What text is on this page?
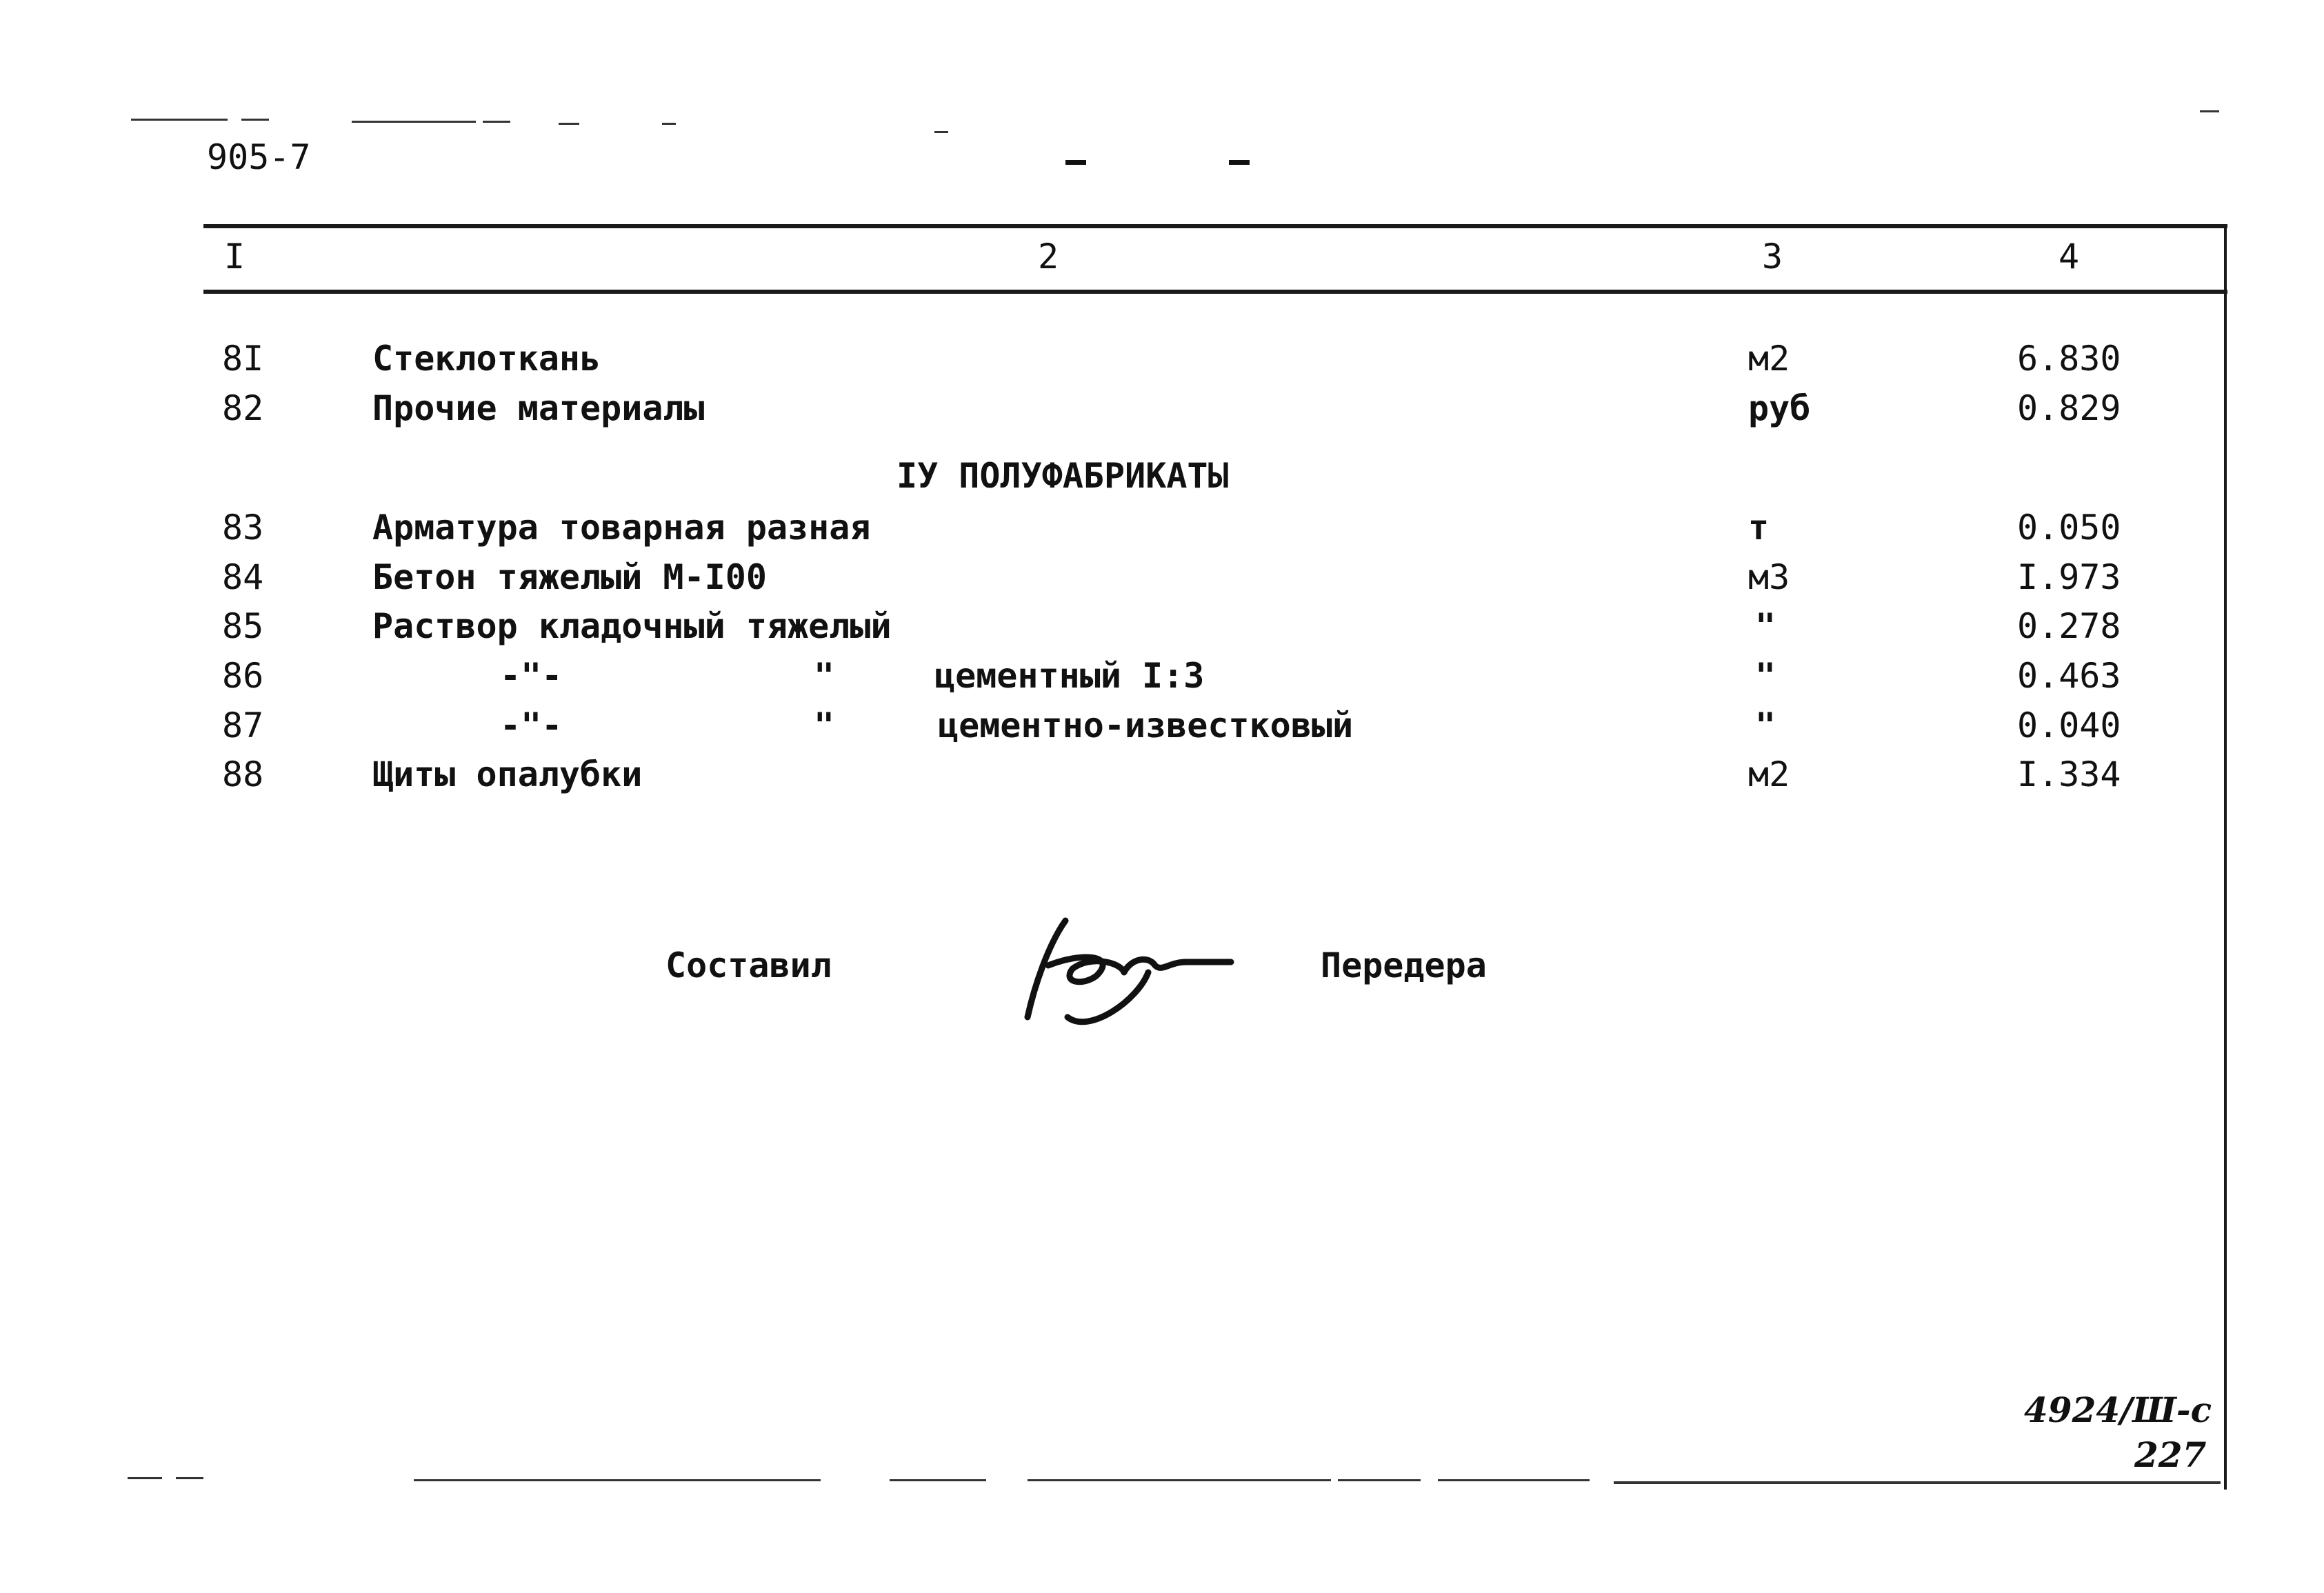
905-7
I	2	3	4
8I	Стеклоткань	м2	6.830
82	Прочие материалы	руб	0.829
IУ ПОЛУФАБРИКАТЫ
83	Арматура товарная разная	т	0.050
84	Бетон тяжелый М-I00	м3	I.973
85	Раствор кладочный тяжелый	"	0.278
86	-"-	"	цементный I:3	"	0.463
87	-"-	"	цементно-известковый	"	0.040
88	Щиты опалубки	м2	I.334
Составил	Передера
4924/Ш-с
227
